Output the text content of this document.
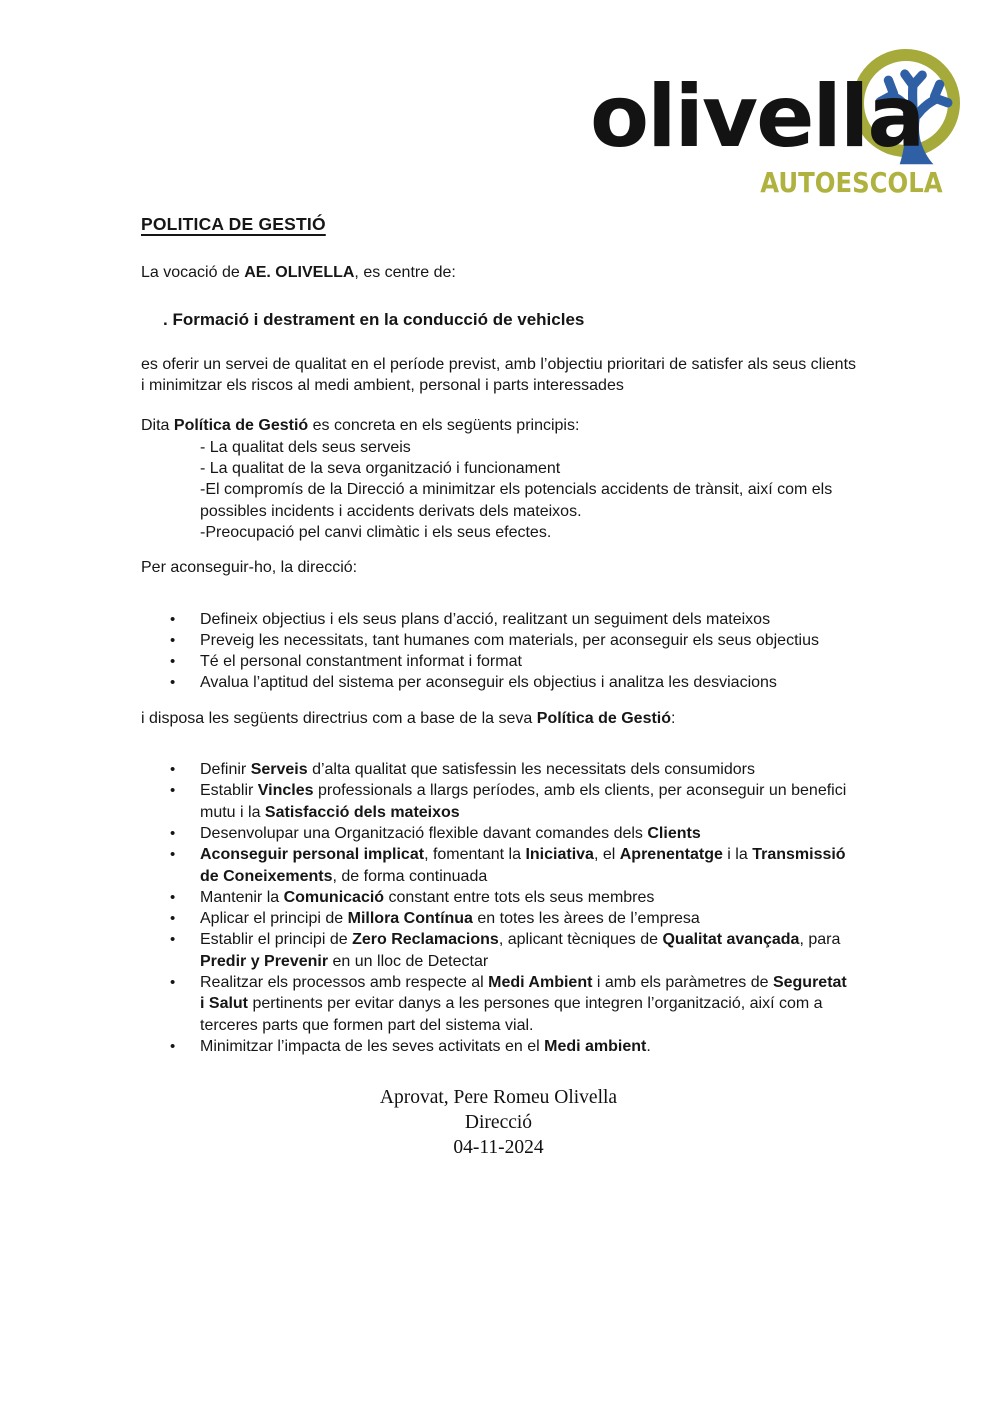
olivella
AUTOESCOLA
POLITICA DE GESTIÓ

La vocació de AE. OLIVELLA, es centre de:

. Formació i destrament en la conducció de vehicles

es oferir un servei de qualitat en el període previst, amb l’objectiu prioritari de satisfer als seus clients i minimitzar els riscos al medi ambient, personal i parts interessades

Dita Política de Gestió es concreta en els següents principis:

- La qualitat dels seus serveis
- La qualitat de la seva organització i funcionament
-El compromís de la Direcció a minimitzar els potencials accidents de trànsit, així com els possibles incidents i accidents derivats dels mateixos.
-Preocupació pel canvi climàtic i els seus efectes.

Per aconseguir-ho, la direcció:

• Defineix objectius i els seus plans d’acció, realitzant un seguiment dels mateixos
• Preveig les necessitats, tant humanes com materials, per aconseguir els seus objectius
• Té el personal constantment informat i format
• Avalua l’aptitud del sistema per aconseguir els objectius i analitza les desviacions

i disposa les següents directrius com a base de la seva Política de Gestió:

• Definir Serveis d’alta qualitat que satisfessin les necessitats dels consumidors
• Establir Vincles professionals a llargs períodes, amb els clients, per aconseguir un benefici mutu i la Satisfacció dels mateixos
• Desenvolupar una Organització flexible davant comandes dels Clients
• Aconseguir personal implicat, fomentant la Iniciativa, el Aprenentatge i la Transmissió de Coneixements, de forma continuada
• Mantenir la Comunicació constant entre tots els seus membres
• Aplicar el principi de Millora Contínua en totes les àrees de l’empresa
• Establir el principi de Zero Reclamacions, aplicant tècniques de Qualitat avançada, para Predir y Prevenir en un lloc de Detectar
• Realitzar els processos amb respecte al Medi Ambient i amb els paràmetres de Seguretat i Salut pertinents per evitar danys a les persones que integren l’organització, així com a terceres parts que formen part del sistema vial.
• Minimitzar l’impacta de les seves activitats en el Medi ambient.
Aprovat, Pere Romeu Olivella
Direcció
04-11-2024
